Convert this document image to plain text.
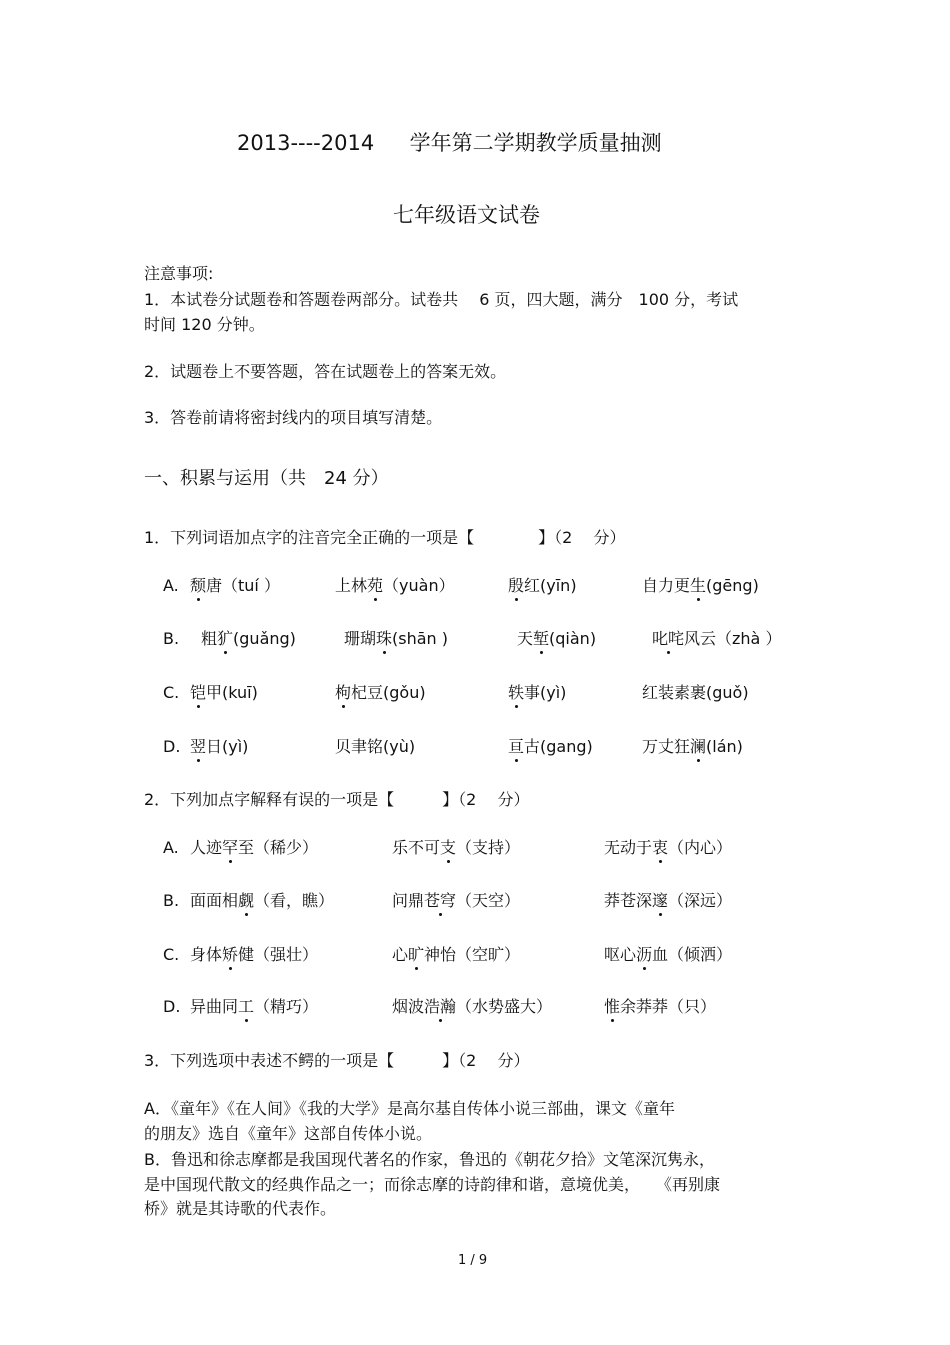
2013----2014 学年第二学期教学质量抽测
七年级语文试卷
注意事项:
1．本试卷分试题卷和答题卷两部分。试卷共　 6 页，四大题，满分　100 分，考试
时间 120 分钟。
2．试题卷上不要答题，答在试题卷上的答案无效。
3．答卷前请将密封线内的项目填写清楚。
一、积累与运用（共　24 分）
1．下列词语加点字的注音完全正确的一项是【　　　　】（2　 分）
A. 颓唐（tuí ）	上林苑（yuàn）	殷红(yīn)	自力更生(gēng)
B. 粗犷(guǎng)	珊瑚珠(shān )	天堑(qiàn)	叱咤风云（zhà ）
C. 铠甲(kuī)	枸杞豆(gǒu)	轶事(yì)	红装素裹(guǒ)
D. 翌日(yì)	贝聿铭(yù)	亘古(gang)	万丈狂澜(lán)
2．下列加点字解释有误的一项是【　　　】（2　 分）
A. 人迹罕至（稀少）	乐不可支（支持）	无动于衷（内心）
B. 面面相觑（看，瞧）	问鼎苍穹（天空）	莽苍深邃（深远）
C. 身体矫健（强壮）	心旷神怡（空旷）	呕心沥血（倾洒）
D. 异曲同工（精巧）	烟波浩瀚（水势盛大）	惟余莽莽（只）
3．下列选项中表述不鳄的一项是【　　　】（2　 分）
A．《童年》《在人间》《我的大学》是高尔基自传体小说三部曲，课文《童年
的朋友》选自《童年》这部自传体小说。
B．鲁迅和徐志摩都是我国现代著名的作家，鲁迅的《朝花夕拾》文笔深沉隽永，
是中国现代散文的经典作品之一；而徐志摩的诗韵律和谐，意境优美，　　《再别康
桥》就是其诗歌的代表作。
1 / 9
